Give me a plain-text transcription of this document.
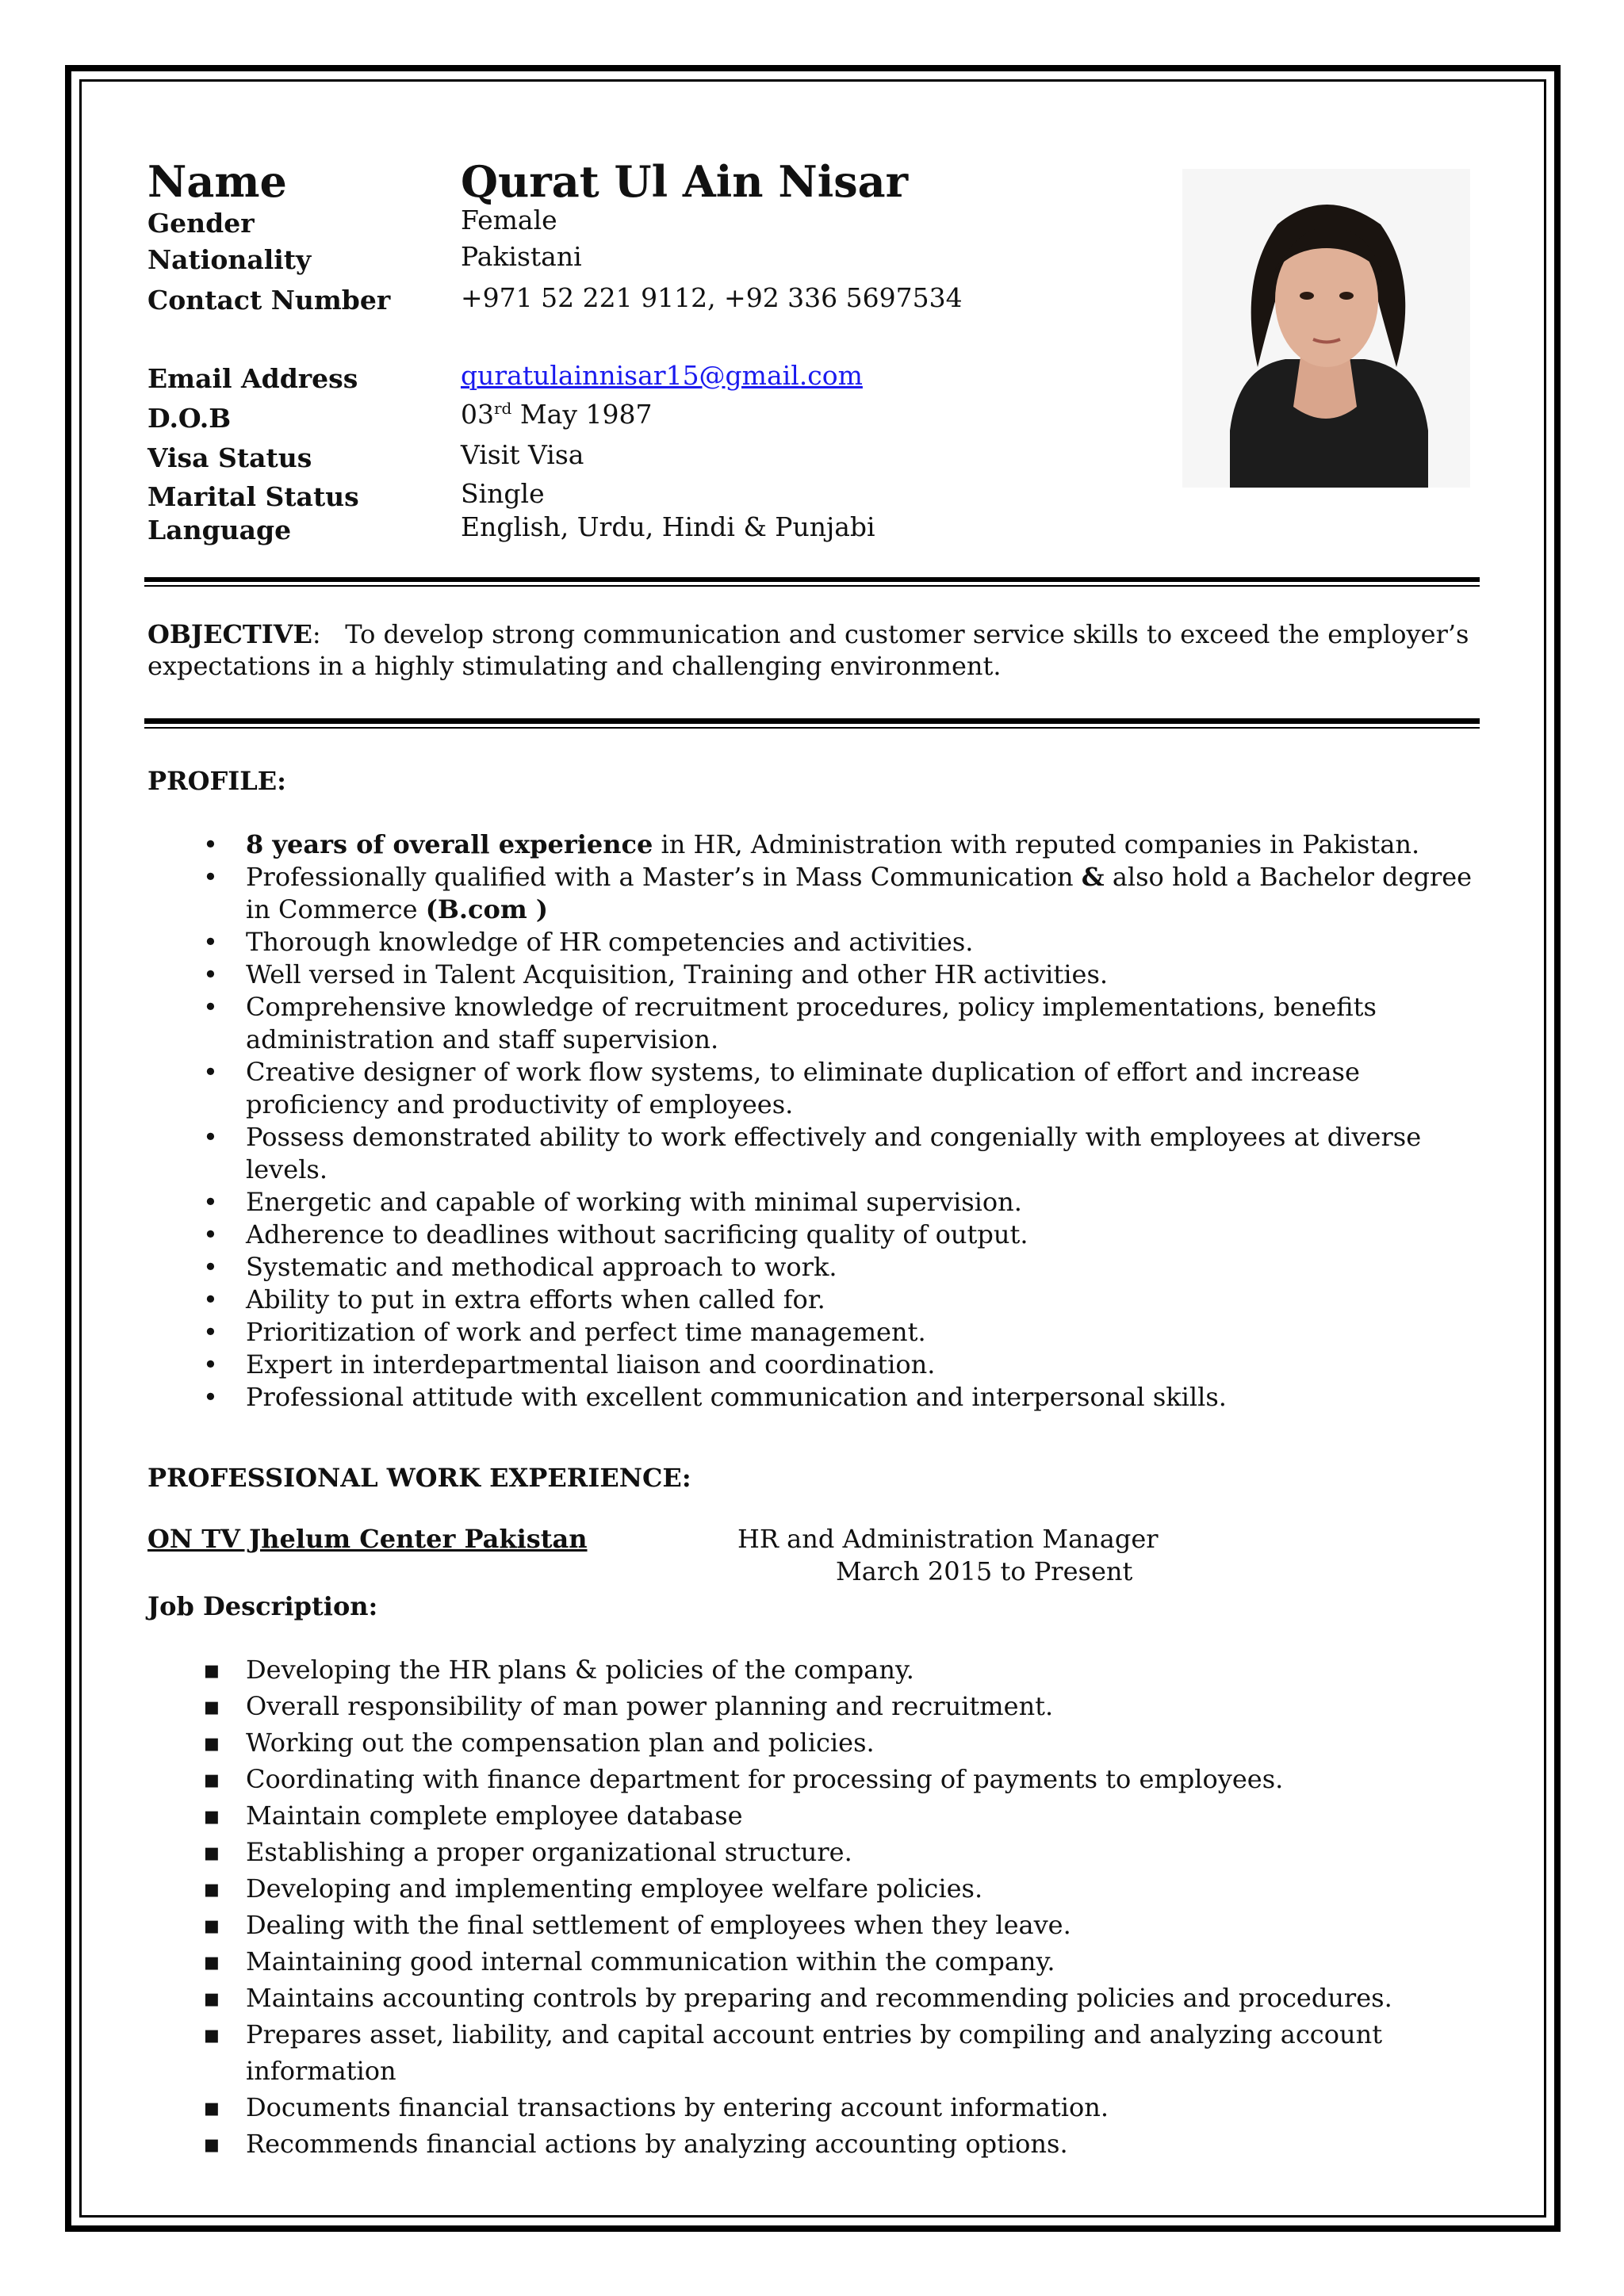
Name	Qurat Ul Ain Nisar
Gender	Female
Nationality	Pakistani
Contact Number	+971 52 221 9112, +92 336 5697534
Email Address	quratulainnisar15@gmail.com
D.O.B	03rd May 1987
Visa Status	Visit Visa
Marital Status	Single
Language	English, Urdu, Hindi & Punjabi
OBJECTIVE: To develop strong communication and customer service skills to exceed the employer’s expectations in a highly stimulating and challenging environment.
PROFILE:
• 8 years of overall experience in HR, Administration with reputed companies in Pakistan.
• Professionally qualified with a Master’s in Mass Communication & also hold a Bachelor degree in Commerce (B.com )
• Thorough knowledge of HR competencies and activities.
• Well versed in Talent Acquisition, Training and other HR activities.
• Comprehensive knowledge of recruitment procedures, policy implementations, benefits administration and staff supervision.
• Creative designer of work flow systems, to eliminate duplication of effort and increase proficiency and productivity of employees.
• Possess demonstrated ability to work effectively and congenially with employees at diverse levels.
• Energetic and capable of working with minimal supervision.
• Adherence to deadlines without sacrificing quality of output.
• Systematic and methodical approach to work.
• Ability to put in extra efforts when called for.
• Prioritization of work and perfect time management.
• Expert in interdepartmental liaison and coordination.
• Professional attitude with excellent communication and interpersonal skills.
PROFESSIONAL WORK EXPERIENCE:
ON TV Jhelum Center Pakistan	HR and Administration Manager
March 2015 to Present
Job Description:
▪ Developing the HR plans & policies of the company.
▪ Overall responsibility of man power planning and recruitment.
▪ Working out the compensation plan and policies.
▪ Coordinating with finance department for processing of payments to employees.
▪ Maintain complete employee database
▪ Establishing a proper organizational structure.
▪ Developing and implementing employee welfare policies.
▪ Dealing with the final settlement of employees when they leave.
▪ Maintaining good internal communication within the company.
▪ Maintains accounting controls by preparing and recommending policies and procedures.
▪ Prepares asset, liability, and capital account entries by compiling and analyzing account information
▪ Documents financial transactions by entering account information.
▪ Recommends financial actions by analyzing accounting options.
